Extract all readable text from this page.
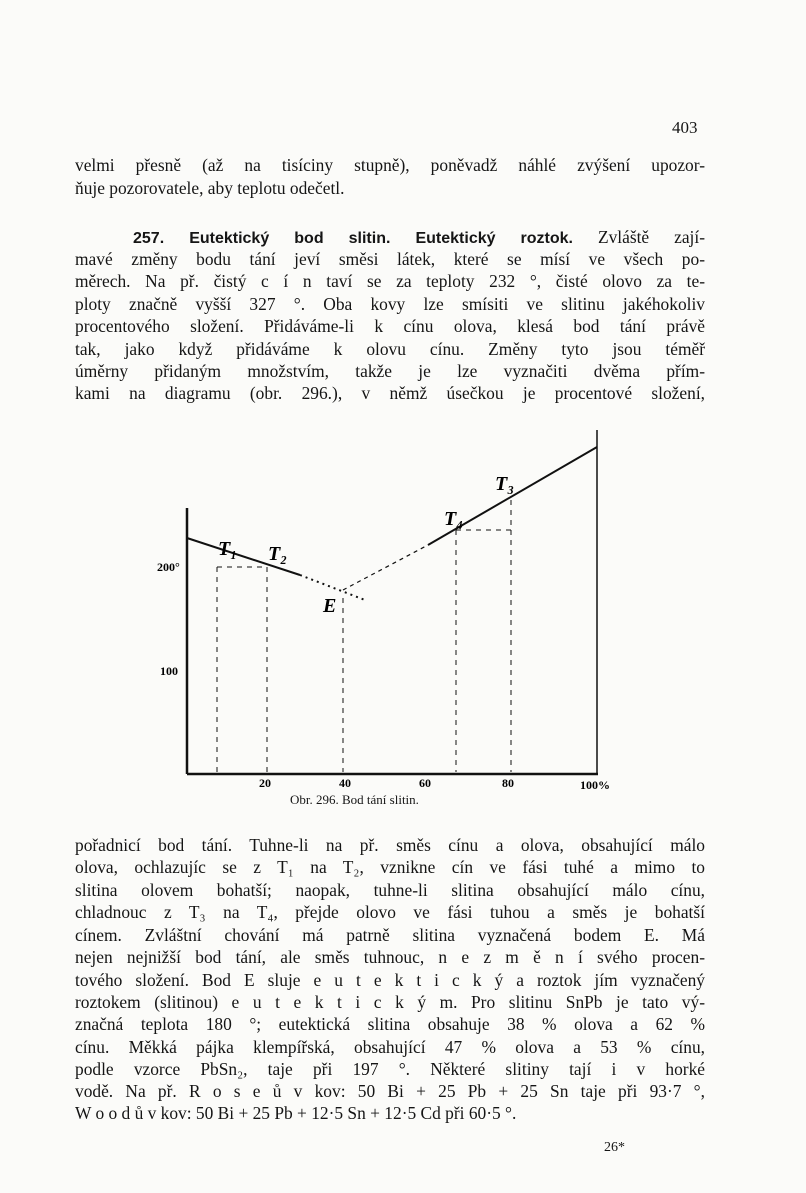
403
velmi přesně (až na tisíciny stupně), poněvadž náhlé zvýšení upozor-
ňuje pozorovatele, aby teplotu odečetl.
257. Eutektický bod slitin. Eutektický roztok. Zvláště zají-
mavé změny bodu tání jeví směsi látek, které se mísí ve všech po-
měrech. Na př. čistý c í n taví se za teploty 232 °, čisté olovo za te-
ploty značně vyšší 327 °. Oba kovy lze smísiti ve slitinu jakéhokoliv
procentového složení. Přidáváme-li k cínu olova, klesá bod tání právě
tak, jako když přidáváme k olovu cínu. Změny tyto jsou téměř
úměrny přidaným množstvím, takže je lze vyznačiti dvěma přím-
kami na diagramu (obr. 296.), v němž úsečkou je procentové složení,
200°
100
20	40	60	80	100%
T₁ T₂
T₃
T₄
E
Obr. 296. Bod tání slitin.
pořadnicí bod tání. Tuhne-li na př. směs cínu a olova, obsahující málo
olova, ochlazujíc se z T₁ na T₂, vznikne cín ve fási tuhé a mimo to
slitina olovem bohatší; naopak, tuhne-li slitina obsahující málo cínu,
chladnouc z T₃ na T₄, přejde olovo ve fási tuhou a směs je bohatší
cínem. Zvláštní chování má patrně slitina vyznačená bodem E. Má
nejen nejnižší bod tání, ale směs tuhnouc, n e z m ě n í svého procen-
tového složení. Bod E sluje e u t e k t i c k ý a roztok jím vyznačený
roztokem (slitinou) e u t e k t i c k ý m. Pro slitinu SnPb je tato vý-
značná teplota 180 °; eutektická slitina obsahuje 38 % olova a 62 %
cínu. Měkká pájka klempířská, obsahující 47 % olova a 53 % cínu,
podle vzorce PbSn₂, taje při 197 °. Některé slitiny tají i v horké
vodě. Na př. R o s e ů v kov: 50 Bi + 25 Pb + 25 Sn taje při 93·7 °,
W o o d ů v kov: 50 Bi + 25 Pb + 12·5 Sn + 12·5 Cd při 60·5 °.
26*
